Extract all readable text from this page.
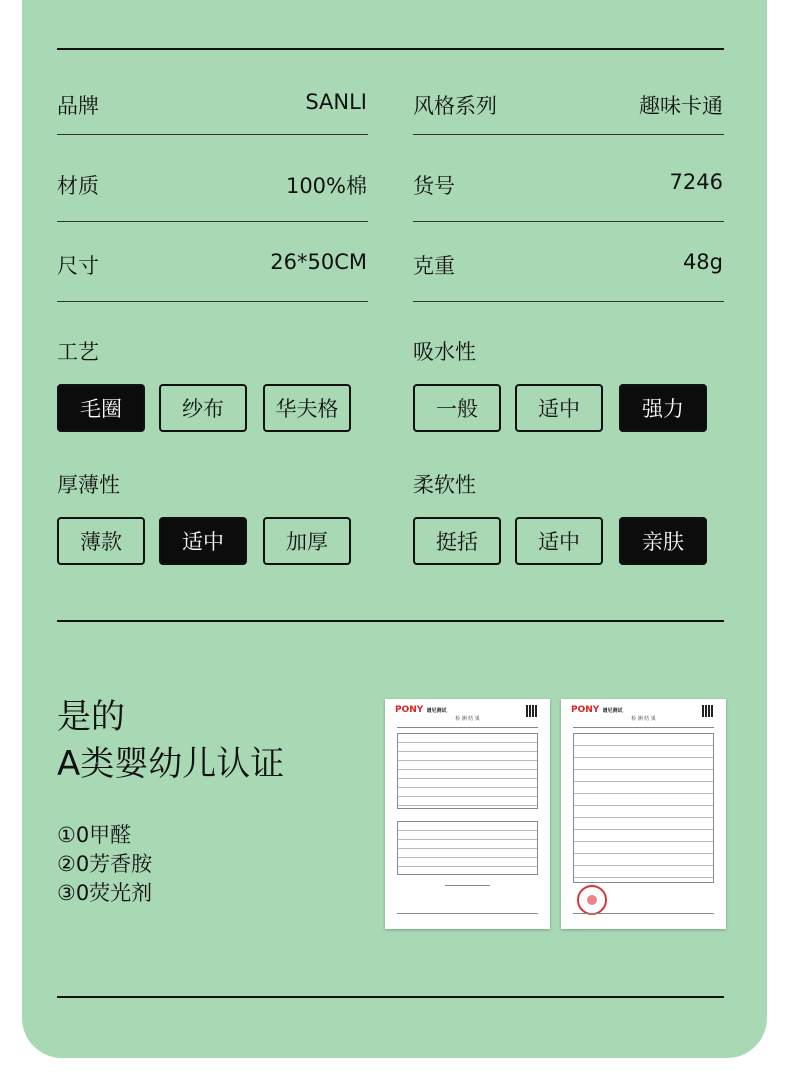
品牌	SANLI
材质	100%棉
尺寸	26*50CM
风格系列	趣味卡通
货号	7246
克重	48g
工艺
毛圈	纱布	华夫格
吸水性
一般	适中	强力
厚薄性
薄款	适中	加厚
柔软性
挺括	适中	亲肤
是的
A类婴幼儿认证
①0甲醛
②0芳香胺
③0荧光剂
PONY 谱尼测试
检 测 结 果
PONY 谱尼测试
检 测 结 果
